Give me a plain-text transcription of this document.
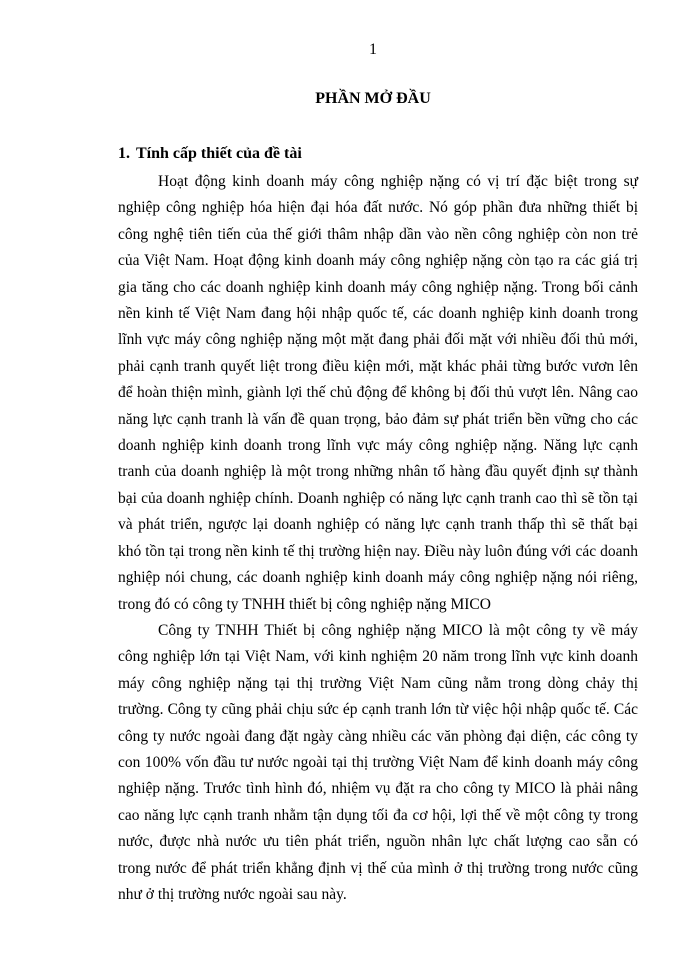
1
PHẦN MỞ ĐẦU
1. Tính cấp thiết của đề tài

Hoạt động kinh doanh máy công nghiệp nặng có vị trí đặc biệt trong sự nghiệp công nghiệp hóa hiện đại hóa đất nước. Nó góp phần đưa những thiết bị công nghệ tiên tiến của thế giới thâm nhập dần vào nền công nghiệp còn non trẻ của Việt Nam. Hoạt động kinh doanh máy công nghiệp nặng còn tạo ra các giá trị gia tăng cho các doanh nghiệp kinh doanh máy công nghiệp nặng. Trong bối cảnh nền kinh tế Việt Nam đang hội nhập quốc tế, các doanh nghiệp kinh doanh trong lĩnh vực máy công nghiệp nặng một mặt đang phải đối mặt với nhiều đối thủ mới, phải cạnh tranh quyết liệt trong điều kiện mới, mặt khác phải từng bước vươn lên để hoàn thiện mình, giành lợi thế chủ động để không bị đối thủ vượt lên. Nâng cao năng lực cạnh tranh là vấn đề quan trọng, bảo đảm sự phát triển bền vững cho các doanh nghiệp kinh doanh trong lĩnh vực máy công nghiệp nặng. Năng lực cạnh tranh của doanh nghiệp là một trong những nhân tố hàng đầu quyết định sự thành bại của doanh nghiệp chính. Doanh nghiệp có năng lực cạnh tranh cao thì sẽ tồn tại và phát triển, ngược lại doanh nghiệp có năng lực cạnh tranh thấp thì sẽ thất bại khó tồn tại trong nền kinh tế thị trường hiện nay. Điều này luôn đúng với các doanh nghiệp nói chung, các doanh nghiệp kinh doanh máy công nghiệp nặng nói riêng, trong đó có công ty TNHH thiết bị công nghiệp nặng MICO

Công ty TNHH Thiết bị công nghiệp nặng MICO là một công ty về máy công nghiệp lớn tại Việt Nam, với kinh nghiệm 20 năm trong lĩnh vực kinh doanh máy công nghiệp nặng tại thị trường Việt Nam cũng nằm trong dòng chảy thị trường. Công ty cũng phải chịu sức ép cạnh tranh lớn từ việc hội nhập quốc tế. Các công ty nước ngoài đang đặt ngày càng nhiều các văn phòng đại diện, các công ty con 100% vốn đầu tư nước ngoài tại thị trường Việt Nam để kinh doanh máy công nghiệp nặng. Trước tình hình đó, nhiệm vụ đặt ra cho công ty MICO là phải nâng cao năng lực cạnh tranh nhằm tận dụng tối đa cơ hội, lợi thế về một công ty trong nước, được nhà nước ưu tiên phát triển, nguồn nhân lực chất lượng cao sẵn có trong nước để phát triển khẳng định vị thế của mình ở thị trường trong nước cũng như ở thị trường nước ngoài sau này.
